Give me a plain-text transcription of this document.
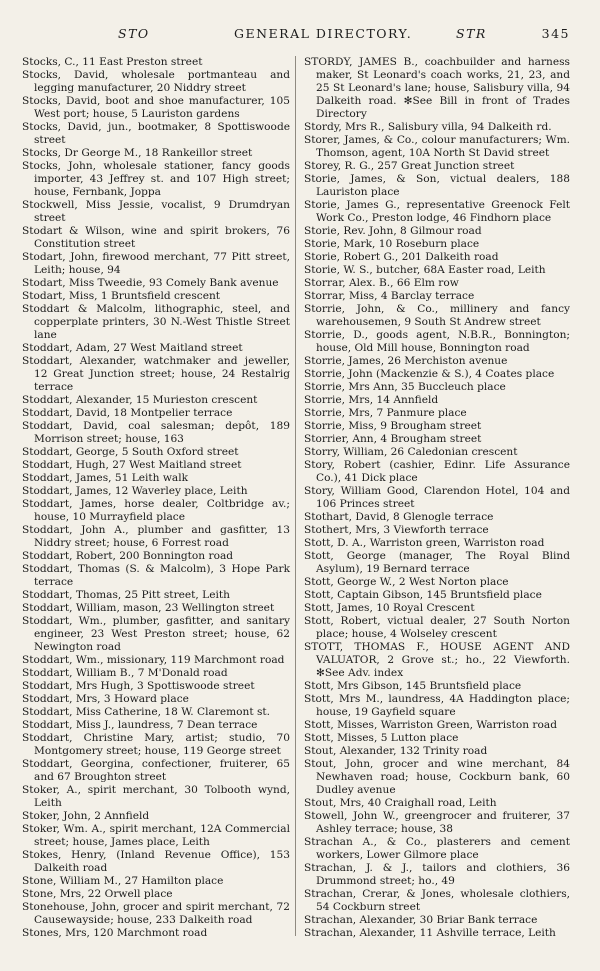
STO	GENERAL DIRECTORY.	STR	345

Stocks, C., 11 East Preston street

Stocks, David, wholesale portmanteau and legging manufacturer, 20 Niddry street

Stocks, David, boot and shoe manufacturer, 105 West port; house, 5 Lauriston gardens

Stocks, David, jun., bootmaker, 8 Spottiswoode street

Stocks, Dr George M., 18 Rankeillor street

Stocks, John, wholesale stationer, fancy goods importer, 43 Jeffrey st. and 107 High street; house, Fernbank, Joppa

Stockwell, Miss Jessie, vocalist, 9 Drumdryan street

Stodart & Wilson, wine and spirit brokers, 76 Constitution street

Stodart, John, firewood merchant, 77 Pitt street, Leith; house, 94

Stodart, Miss Tweedie, 93 Comely Bank avenue

Stodart, Miss, 1 Bruntsfield crescent

Stoddart & Malcolm, lithographic, steel, and copperplate printers, 30 N.-West Thistle Street lane

Stoddart, Adam, 27 West Maitland street

Stoddart, Alexander, watchmaker and jeweller, 12 Great Junction street; house, 24 Restalrig terrace

Stoddart, Alexander, 15 Murieston crescent

Stoddart, David, 18 Montpelier terrace

Stoddart, David, coal salesman; depôt, 189 Morrison street; house, 163

Stoddart, George, 5 South Oxford street

Stoddart, Hugh, 27 West Maitland street

Stoddart, James, 51 Leith walk

Stoddart, James, 12 Waverley place, Leith

Stoddart, James, horse dealer, Coltbridge av.; house, 10 Murrayfield place

Stoddart, John A., plumber and gasfitter, 13 Niddry street; house, 6 Forrest road

Stoddart, Robert, 200 Bonnington road

Stoddart, Thomas (S. & Malcolm), 3 Hope Park terrace

Stoddart, Thomas, 25 Pitt street, Leith

Stoddart, William, mason, 23 Wellington street

Stoddart, Wm., plumber, gasfitter, and sanitary engineer, 23 West Preston street; house, 62 Newington road

Stoddart, Wm., missionary, 119 Marchmont road

Stoddart, William B., 7 M'Donald road

Stoddart, Mrs Hugh, 3 Spottiswoode street

Stoddart, Mrs, 3 Howard place

Stoddart, Miss Catherine, 18 W. Claremont st.

Stoddart, Miss J., laundress, 7 Dean terrace

Stoddart, Christine Mary, artist; studio, 70 Montgomery street; house, 119 George street

Stoddart, Georgina, confectioner, fruiterer, 65 and 67 Broughton street

Stoker, A., spirit merchant, 30 Tolbooth wynd, Leith

Stoker, John, 2 Annfield

Stoker, Wm. A., spirit merchant, 12A Commercial street; house, James place, Leith

Stokes, Henry, (Inland Revenue Office), 153 Dalkeith road

Stone, William M., 27 Hamilton place

Stone, Mrs, 22 Orwell place

Stonehouse, John, grocer and spirit merchant, 72 Causewayside; house, 233 Dalkeith road

Stones, Mrs, 120 Marchmont road

STORDY, JAMES B., coachbuilder and harness maker, St Leonard's coach works, 21, 23, and 25 St Leonard's lane; house, Salisbury villa, 94 Dalkeith road. ✻See Bill in front of Trades Directory

Stordy, Mrs R., Salisbury villa, 94 Dalkeith rd.

Storer, James, & Co., colour manufacturers; Wm. Thomson, agent, 10A North St David street

Storey, R. G., 257 Great Junction street

Storie, James, & Son, victual dealers, 188 Lauriston place

Storie, James G., representative Greenock Felt Work Co., Preston lodge, 46 Findhorn place

Storie, Rev. John, 8 Gilmour road

Storie, Mark, 10 Roseburn place

Storie, Robert G., 201 Dalkeith road

Storie, W. S., butcher, 68A Easter road, Leith

Storrar, Alex. B., 66 Elm row

Storrar, Miss, 4 Barclay terrace

Storrie, John, & Co., millinery and fancy warehousemen, 9 South St Andrew street

Storrie, D., goods agent, N.B.R., Bonnington; house, Old Mill house, Bonnington road

Storrie, James, 26 Merchiston avenue

Storrie, John (Mackenzie & S.), 4 Coates place

Storrie, Mrs Ann, 35 Buccleuch place

Storrie, Mrs, 14 Annfield

Storrie, Mrs, 7 Panmure place

Storrie, Miss, 9 Brougham street

Storrier, Ann, 4 Brougham street

Storry, William, 26 Caledonian crescent

Story, Robert (cashier, Edinr. Life Assurance Co.), 41 Dick place

Story, William Good, Clarendon Hotel, 104 and 106 Princes street

Stothart, David, 8 Glenogle terrace

Stothert, Mrs, 3 Viewforth terrace

Stott, D. A., Warriston green, Warriston road

Stott, George (manager, The Royal Blind Asylum), 19 Bernard terrace

Stott, George W., 2 West Norton place

Stott, Captain Gibson, 145 Bruntsfield place

Stott, James, 10 Royal Crescent

Stott, Robert, victual dealer, 27 South Norton place; house, 4 Wolseley crescent

STOTT, THOMAS F., HOUSE AGENT AND VALUATOR, 2 Grove st.; ho., 22 Viewforth. ✻See Adv. index

Stott, Mrs Gibson, 145 Bruntsfield place

Stott, Mrs M., laundress, 4A Haddington place; house, 19 Gayfield square

Stott, Misses, Warriston Green, Warriston road

Stott, Misses, 5 Lutton place

Stout, Alexander, 132 Trinity road

Stout, John, grocer and wine merchant, 84 Newhaven road; house, Cockburn bank, 60 Dudley avenue

Stout, Mrs, 40 Craighall road, Leith

Stowell, John W., greengrocer and fruiterer, 37 Ashley terrace; house, 38

Strachan A., & Co., plasterers and cement workers, Lower Gilmore place

Strachan, J. & J., tailors and clothiers, 36 Drummond street; ho., 49

Strachan, Crerar, & Jones, wholesale clothiers, 54 Cockburn street

Strachan, Alexander, 30 Briar Bank terrace

Strachan, Alexander, 11 Ashville terrace, Leith
